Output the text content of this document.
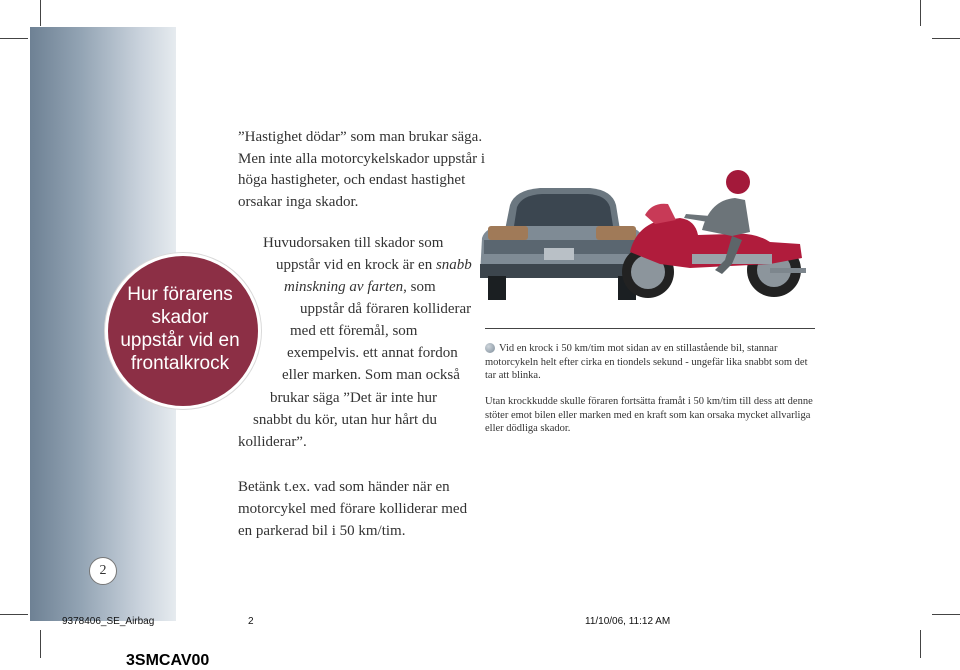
Hur förarens
skador
uppstår vid en
frontalkrock
”Hastighet dödar” som man brukar säga. Men inte alla motorcykelskador uppstår i höga hastigheter, och endast hastighet orsakar inga skador.
Huvudorsaken till skador som
uppstår vid en krock är en snabb
minskning av farten, som
uppstår då föraren kolliderar
med ett föremål, som
exempelvis. ett annat fordon
eller marken. Som man också
brukar säga ”Det är inte hur
snabbt du kör, utan hur hårt du
kolliderar”.
Betänk t.ex. vad som händer när en
motorcykel med förare kolliderar med
en parkerad bil i 50 km/tim.
Vid en krock i 50 km/tim mot sidan av en stillastående bil, stannar motorcykeln helt efter cirka en tiondels sekund - ungefär lika snabbt som det tar att blinka.
Utan krockkudde skulle föraren fortsätta framåt i 50 km/tim till dess att denne stöter emot bilen eller marken med en kraft som kan orsaka mycket allvarliga eller dödliga skador.
2
9378406_SE_Airbag	2	11/10/06, 11:12 AM
3SMCAV00
